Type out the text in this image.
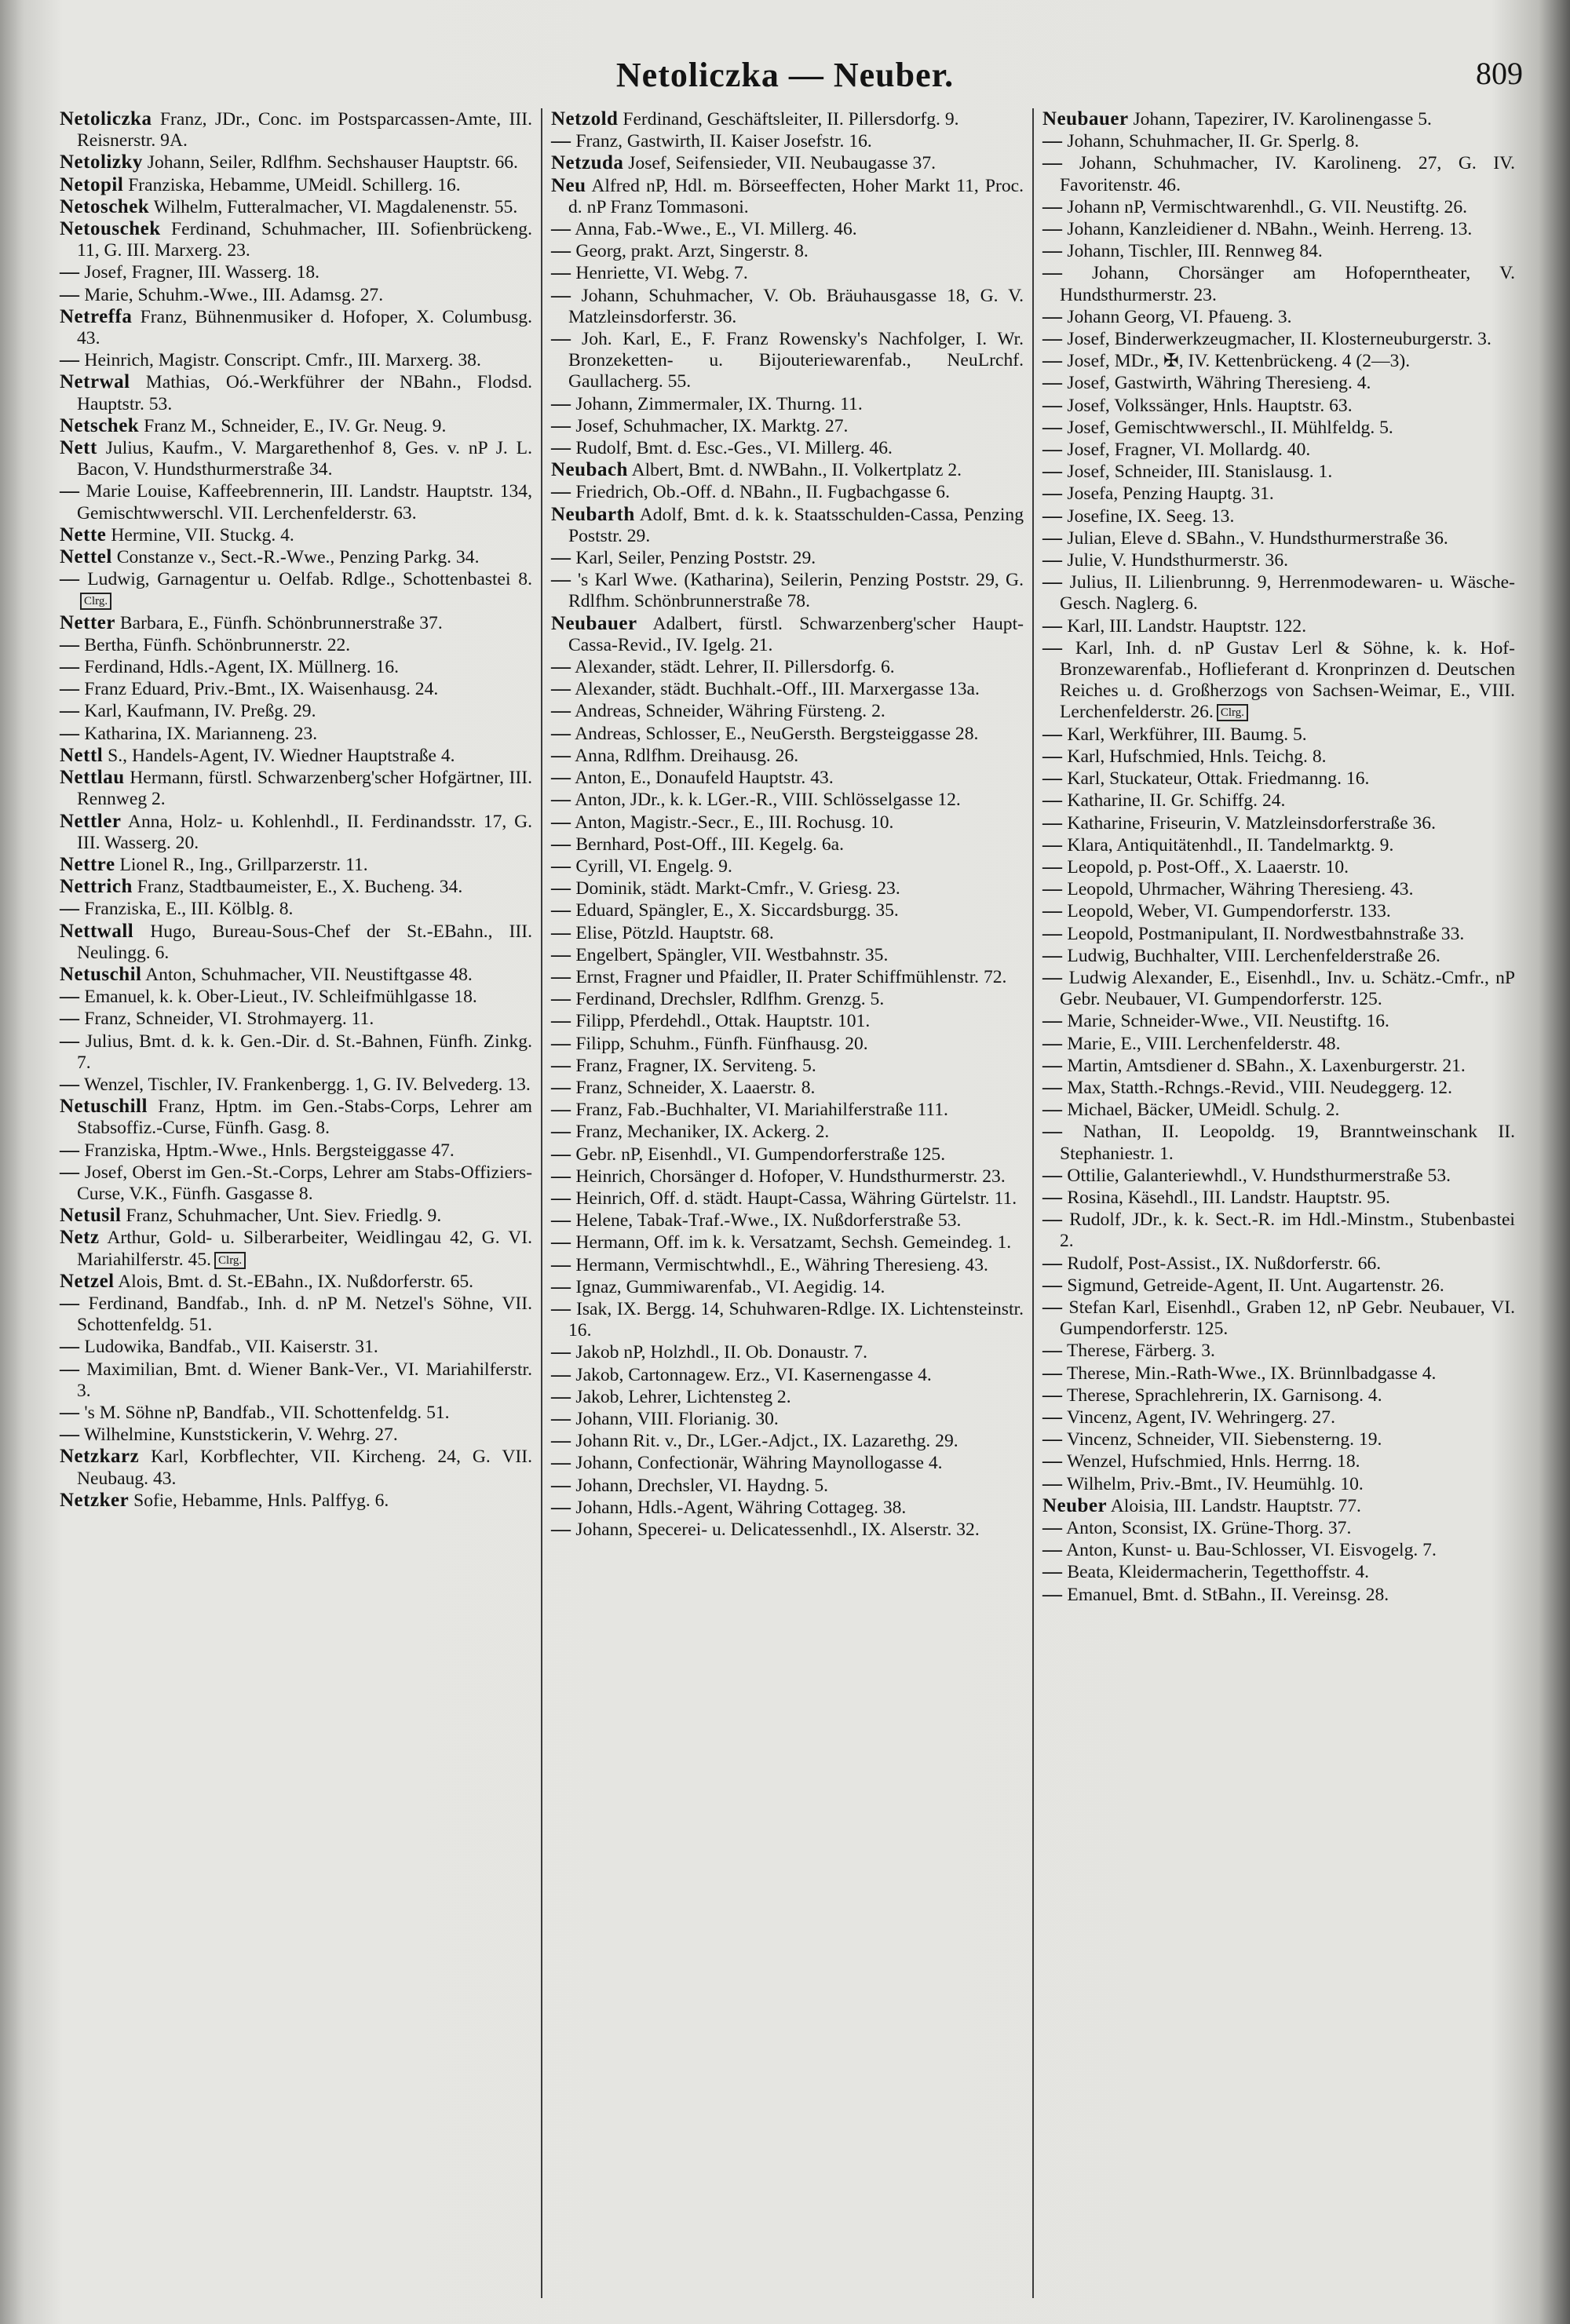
Netoliczka — Neuber.	809

Netoliczka Franz, JDr., Conc. im Postsparcassen-Amte, III. Reisnerstr. 9A.

Netolizky Johann, Seiler, Rdlfhm. Sechshauser Hauptstr. 66.

Netopil Franziska, Hebamme, UMeidl. Schillerg. 16.

Netoschek Wilhelm, Futteralmacher, VI. Magdalenenstr. 55.

Netouschek Ferdinand, Schuhmacher, III. Sofienbrückeng. 11, G. III. Marxerg. 23.

— Josef, Fragner, III. Wasserg. 18.

— Marie, Schuhm.-Wwe., III. Adamsg. 27.

Netreffa Franz, Bühnenmusiker d. Hofoper, X. Columbusg. 43.

— Heinrich, Magistr. Conscript. Cmfr., III. Marxerg. 38.

Netrwal Mathias, Oó.-Werkführer der NBahn., Flodsd. Hauptstr. 53.

Netschek Franz M., Schneider, E., IV. Gr. Neug. 9.

Nett Julius, Kaufm., V. Margarethenhof 8, Ges. v. nP J. L. Bacon, V. Hundsthurmerstraße 34.

— Marie Louise, Kaffeebrennerin, III. Landstr. Hauptstr. 134, Gemischtwwerschl. VII. Lerchenfelderstr. 63.

Nette Hermine, VII. Stuckg. 4.

Nettel Constanze v., Sect.-R.-Wwe., Penzing Parkg. 34.

— Ludwig, Garnagentur u. Oelfab. Rdlge., Schottenbastei 8.Clrg.

Netter Barbara, E., Fünfh. Schönbrunnerstraße 37.

— Bertha, Fünfh. Schönbrunnerstr. 22.

— Ferdinand, Hdls.-Agent, IX. Müllnerg. 16.

— Franz Eduard, Priv.-Bmt., IX. Waisenhausg. 24.

— Karl, Kaufmann, IV. Preßg. 29.

— Katharina, IX. Marianneng. 23.

Nettl S., Handels-Agent, IV. Wiedner Hauptstraße 4.

Nettlau Hermann, fürstl. Schwarzenberg'scher Hofgärtner, III. Rennweg 2.

Nettler Anna, Holz- u. Kohlenhdl., II. Ferdinandsstr. 17, G. III. Wasserg. 20.

Nettre Lionel R., Ing., Grillparzerstr. 11.

Nettrich Franz, Stadtbaumeister, E., X. Bucheng. 34.

— Franziska, E., III. Kölblg. 8.

Nettwall Hugo, Bureau-Sous-Chef der St.-EBahn., III. Neulingg. 6.

Netuschil Anton, Schuhmacher, VII. Neustiftgasse 48.

— Emanuel, k. k. Ober-Lieut., IV. Schleifmühlgasse 18.

— Franz, Schneider, VI. Strohmayerg. 11.

— Julius, Bmt. d. k. k. Gen.-Dir. d. St.-Bahnen, Fünfh. Zinkg. 7.

— Wenzel, Tischler, IV. Frankenbergg. 1, G. IV. Belvederg. 13.

Netuschill Franz, Hptm. im Gen.-Stabs-Corps, Lehrer am Stabsoffiz.-Curse, Fünfh. Gasg. 8.

— Franziska, Hptm.-Wwe., Hnls. Bergsteiggasse 47.

— Josef, Oberst im Gen.-St.-Corps, Lehrer am Stabs-Offiziers-Curse, V.K., Fünfh. Gasgasse 8.

Netusil Franz, Schuhmacher, Unt. Siev. Friedlg. 9.

Netz Arthur, Gold- u. Silberarbeiter, Weidlingau 42, G. VI. Mariahilferstr. 45. Clrg.

Netzel Alois, Bmt. d. St.-EBahn., IX. Nußdorferstr. 65.

— Ferdinand, Bandfab., Inh. d. nP M. Netzel's Söhne, VII. Schottenfeldg. 51.

— Ludowika, Bandfab., VII. Kaiserstr. 31.

— Maximilian, Bmt. d. Wiener Bank-Ver., VI. Mariahilferstr. 3.

— 's M. Söhne nP, Bandfab., VII. Schottenfeldg. 51.

— Wilhelmine, Kunststickerin, V. Wehrg. 27.

Netzkarz Karl, Korbflechter, VII. Kircheng. 24, G. VII. Neubaug. 43.

Netzker Sofie, Hebamme, Hnls. Palffyg. 6.

Netzold Ferdinand, Geschäftsleiter, II. Pillersdorfg. 9.

— Franz, Gastwirth, II. Kaiser Josefstr. 16.

Netzuda Josef, Seifensieder, VII. Neubaugasse 37.

Neu Alfred nP, Hdl. m. Börseeffecten, Hoher Markt 11, Proc. d. nP Franz Tommasoni.

— Anna, Fab.-Wwe., E., VI. Millerg. 46.

— Georg, prakt. Arzt, Singerstr. 8.

— Henriette, VI. Webg. 7.

— Johann, Schuhmacher, V. Ob. Bräuhausgasse 18, G. V. Matzleinsdorferstr. 36.

— Joh. Karl, E., F. Franz Rowensky's Nachfolger, I. Wr. Bronzeketten- u. Bijouteriewarenfab., NeuLrchf. Gaullacherg. 55.

— Johann, Zimmermaler, IX. Thurng. 11.

— Josef, Schuhmacher, IX. Marktg. 27.

— Rudolf, Bmt. d. Esc.-Ges., VI. Millerg. 46.

Neubach Albert, Bmt. d. NWBahn., II. Volkertplatz 2.

— Friedrich, Ob.-Off. d. NBahn., II. Fugbachgasse 6.

Neubarth Adolf, Bmt. d. k. k. Staatsschulden-Cassa, Penzing Poststr. 29.

— Karl, Seiler, Penzing Poststr. 29.

— 's Karl Wwe. (Katharina), Seilerin, Penzing Poststr. 29, G. Rdlfhm. Schönbrunnerstraße 78.

Neubauer Adalbert, fürstl. Schwarzenberg'scher Haupt-Cassa-Revid., IV. Igelg. 21.

— Alexander, städt. Lehrer, II. Pillersdorfg. 6.

— Alexander, städt. Buchhalt.-Off., III. Marxergasse 13a.

— Andreas, Schneider, Währing Fürsteng. 2.

— Andreas, Schlosser, E., NeuGersth. Bergsteiggasse 28.

— Anna, Rdlfhm. Dreihausg. 26.

— Anton, E., Donaufeld Hauptstr. 43.

— Anton, JDr., k. k. LGer.-R., VIII. Schlösselgasse 12.

— Anton, Magistr.-Secr., E., III. Rochusg. 10.

— Bernhard, Post-Off., III. Kegelg. 6a.

— Cyrill, VI. Engelg. 9.

— Dominik, städt. Markt-Cmfr., V. Griesg. 23.

— Eduard, Spängler, E., X. Siccardsburgg. 35.

— Elise, Pötzld. Hauptstr. 68.

— Engelbert, Spängler, VII. Westbahnstr. 35.

— Ernst, Fragner und Pfaidler, II. Prater Schiffmühlenstr. 72.

— Ferdinand, Drechsler, Rdlfhm. Grenzg. 5.

— Filipp, Pferdehdl., Ottak. Hauptstr. 101.

— Filipp, Schuhm., Fünfh. Fünfhausg. 20.

— Franz, Fragner, IX. Serviteng. 5.

— Franz, Schneider, X. Laaerstr. 8.

— Franz, Fab.-Buchhalter, VI. Mariahilferstraße 111.

— Franz, Mechaniker, IX. Ackerg. 2.

— Gebr. nP, Eisenhdl., VI. Gumpendorferstraße 125.

— Heinrich, Chorsänger d. Hofoper, V. Hundsthurmerstr. 23.

— Heinrich, Off. d. städt. Haupt-Cassa, Währing Gürtelstr. 11.

— Helene, Tabak-Traf.-Wwe., IX. Nußdorferstraße 53.

— Hermann, Off. im k. k. Versatzamt, Sechsh. Gemeindeg. 1.

— Hermann, Vermischtwhdl., E., Währing Theresieng. 43.

— Ignaz, Gummiwarenfab., VI. Aegidig. 14.

— Isak, IX. Bergg. 14, Schuhwaren-Rdlge. IX. Lichtensteinstr. 16.

— Jakob nP, Holzhdl., II. Ob. Donaustr. 7.

— Jakob, Cartonnagew. Erz., VI. Kasernengasse 4.

— Jakob, Lehrer, Lichtensteg 2.

— Johann, VIII. Florianig. 30.

— Johann Rit. v., Dr., LGer.-Adjct., IX. Lazarethg. 29.

— Johann, Confectionär, Währing Maynollogasse 4.

— Johann, Drechsler, VI. Haydng. 5.

— Johann, Hdls.-Agent, Währing Cottageg. 38.

— Johann, Specerei- u. Delicatessenhdl., IX. Alserstr. 32.

Neubauer Johann, Tapezirer, IV. Karolinengasse 5.

— Johann, Schuhmacher, II. Gr. Sperlg. 8.

— Johann, Schuhmacher, IV. Karolineng. 27, G. IV. Favoritenstr. 46.

— Johann nP, Vermischtwarenhdl., G. VII. Neustiftg. 26.

— Johann, Kanzleidiener d. NBahn., Weinh. Herreng. 13.

— Johann, Tischler, III. Rennweg 84.

— Johann, Chorsänger am Hofoperntheater, V. Hundsthurmerstr. 23.

— Johann Georg, VI. Pfaueng. 3.

— Josef, Binderwerkzeugmacher, II. Klosterneuburgerstr. 3.

— Josef, MDr., ✠, IV. Kettenbrückeng. 4 (2—3).

— Josef, Gastwirth, Währing Theresieng. 4.

— Josef, Volkssänger, Hnls. Hauptstr. 63.

— Josef, Gemischtwwerschl., II. Mühlfeldg. 5.

— Josef, Fragner, VI. Mollardg. 40.

— Josef, Schneider, III. Stanislausg. 1.

— Josefa, Penzing Hauptg. 31.

— Josefine, IX. Seeg. 13.

— Julian, Eleve d. SBahn., V. Hundsthurmerstraße 36.

— Julie, V. Hundsthurmerstr. 36.

— Julius, II. Lilienbrunng. 9, Herrenmodewaren- u. Wäsche-Gesch. Naglerg. 6.

— Karl, III. Landstr. Hauptstr. 122.

— Karl, Inh. d. nP Gustav Lerl & Söhne, k. k. Hof-Bronzewarenfab., Hoflieferant d. Kronprinzen d. Deutschen Reiches u. d. Großherzogs von Sachsen-Weimar, E., VIII. Lerchenfelderstr. 26. Clrg.

— Karl, Werkführer, III. Baumg. 5.

— Karl, Hufschmied, Hnls. Teichg. 8.

— Karl, Stuckateur, Ottak. Friedmanng. 16.

— Katharine, II. Gr. Schiffg. 24.

— Katharine, Friseurin, V. Matzleinsdorferstraße 36.

— Klara, Antiquitätenhdl., II. Tandelmarktg. 9.

— Leopold, p. Post-Off., X. Laaerstr. 10.

— Leopold, Uhrmacher, Währing Theresieng. 43.

— Leopold, Weber, VI. Gumpendorferstr. 133.

— Leopold, Postmanipulant, II. Nordwestbahnstraße 33.

— Ludwig, Buchhalter, VIII. Lerchenfelderstraße 26.

— Ludwig Alexander, E., Eisenhdl., Inv. u. Schätz.-Cmfr., nP Gebr. Neubauer, VI. Gumpendorferstr. 125.

— Marie, Schneider-Wwe., VII. Neustiftg. 16.

— Marie, E., VIII. Lerchenfelderstr. 48.

— Martin, Amtsdiener d. SBahn., X. Laxenburgerstr. 21.

— Max, Statth.-Rchngs.-Revid., VIII. Neudeggerg. 12.

— Michael, Bäcker, UMeidl. Schulg. 2.

— Nathan, II. Leopoldg. 19, Branntweinschank II. Stephaniestr. 1.

— Ottilie, Galanteriewhdl., V. Hundsthurmerstraße 53.

— Rosina, Käsehdl., III. Landstr. Hauptstr. 95.

— Rudolf, JDr., k. k. Sect.-R. im Hdl.-Minstm., Stubenbastei 2.

— Rudolf, Post-Assist., IX. Nußdorferstr. 66.

— Sigmund, Getreide-Agent, II. Unt. Augartenstr. 26.

— Stefan Karl, Eisenhdl., Graben 12, nP Gebr. Neubauer, VI. Gumpendorferstr. 125.

— Therese, Färberg. 3.

— Therese, Min.-Rath-Wwe., IX. Brünnlbadgasse 4.

— Therese, Sprachlehrerin, IX. Garnisong. 4.

— Vincenz, Agent, IV. Wehringerg. 27.

— Vincenz, Schneider, VII. Siebensterng. 19.

— Wenzel, Hufschmied, Hnls. Herrng. 18.

— Wilhelm, Priv.-Bmt., IV. Heumühlg. 10.

Neuber Aloisia, III. Landstr. Hauptstr. 77.

— Anton, Sconsist, IX. Grüne-Thorg. 37.

— Anton, Kunst- u. Bau-Schlosser, VI. Eisvogelg. 7.

— Beata, Kleidermacherin, Tegetthoffstr. 4.

— Emanuel, Bmt. d. StBahn., II. Vereinsg. 28.
